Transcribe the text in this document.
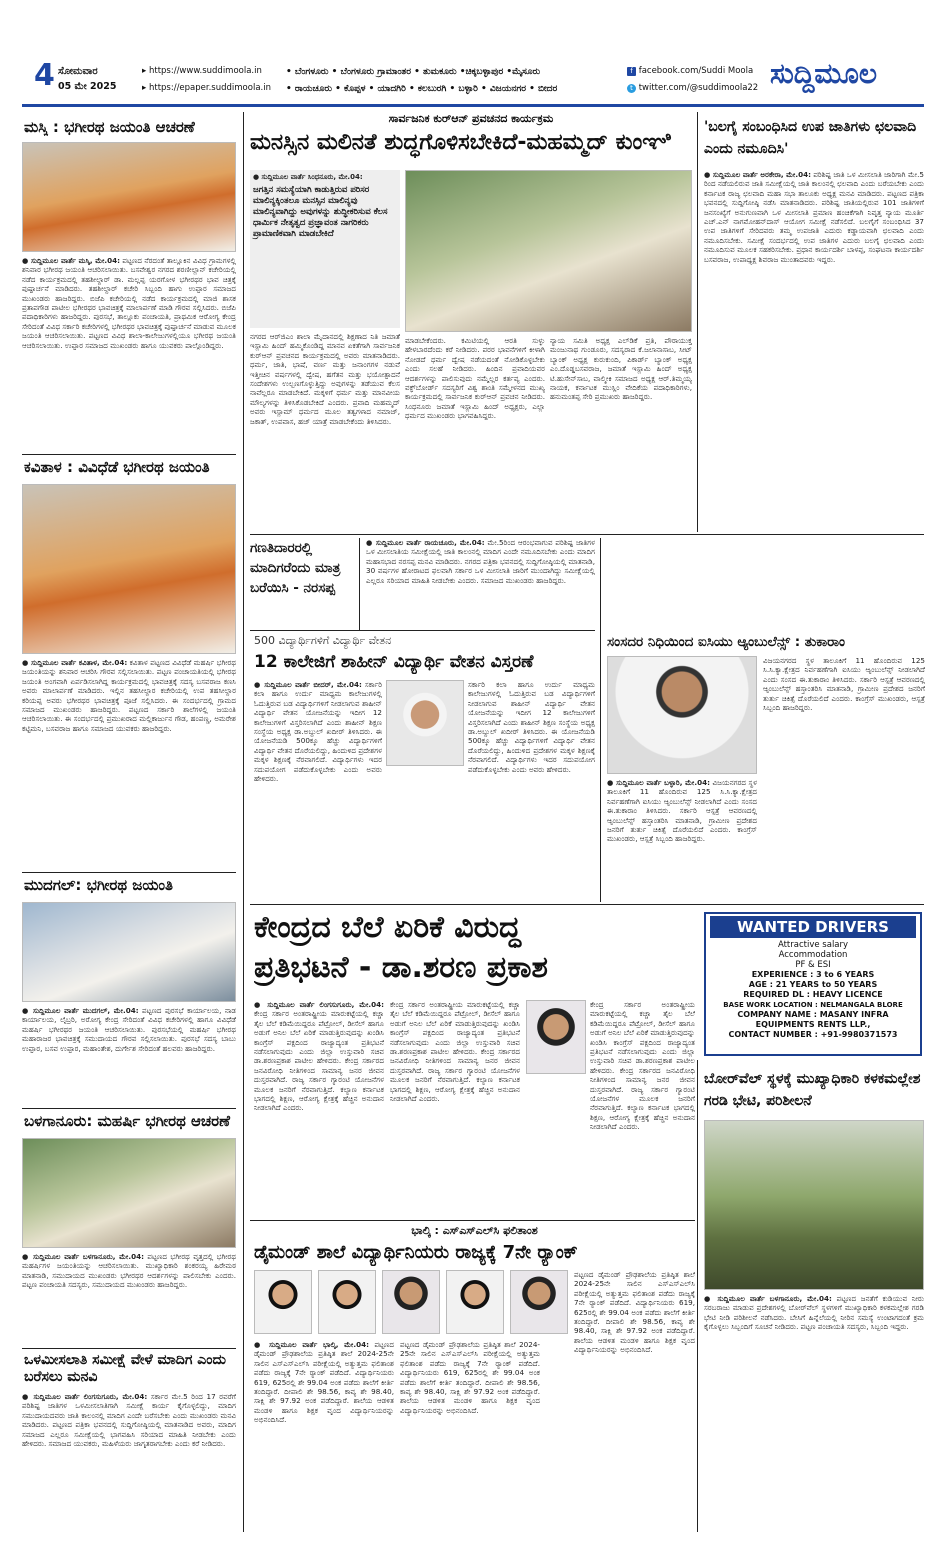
4 ಸೋಮವಾರ
05 ಮೇ 2025
▸ https://www.suddimoola.in
▸ https://epaper.suddimoola.in
• ಬೆಂಗಳೂರು • ಬೆಂಗಳೂರು ಗ್ರಾಮಾಂತರ • ತುಮಕೂರು •ಚಿಕ್ಕಬಳ್ಳಾಪುರ •ಮೈಸೂರು
• ರಾಯಚೂರು • ಕೊಪ್ಪಳ • ಯಾದಗಿರಿ • ಕಲಬುರಗಿ • ಬಳ್ಳಾರಿ • ವಿಜಯನಗರ • ಬೀದರ
f facebook.com/Suddi Moola
t twitter.com/@suddimoola22 ಸುದ್ದಿಮೂಲ
ಮಸ್ಕಿ : ಭಗೀರಥ ಜಯಂತಿ ಆಚರಣೆ
● ಸುದ್ದಿಮೂಲ ವಾರ್ತೆ ಮಸ್ಕಿ, ಮೇ.04: ಪಟ್ಟಣದ ನೆರದಂತೆ ತಾಲ್ಲೂಕಿನ ವಿವಿಧ ಗ್ರಾಮಗಳಲ್ಲಿ ಶನಿವಾರ ಭಗೀರಥ ಜಯಂತಿ ಆಚರಿಸಲಾಯಿತು. ಬಸವೇಶ್ವರ ನಗರದ ಶರಣೀಲ್ಲಾನ್ ಕಚೇರಿಯಲ್ಲಿ ನಡೆದ ಕಾರ್ಯಕ್ರಮದಲ್ಲಿ ತಹಶೀಲ್ದಾರ್ ಡಾ. ಮಲ್ಲಪ್ಪ ಯರಗೋಳ ಭಗೀರಥರ ಭಾವ ಚಿತ್ರಕ್ಕೆ ಪುಷ್ಪಾರ್ಚನೆ ಮಾಡಿದರು. ತಹಶೀಲ್ದಾರ್ ಕಚೇರಿ ಸಿಬ್ಬಂದಿ ಹಾಗು ಉಪ್ಪಾರ ಸಮಾಜದ ಮುಖಂಡರು ಹಾಜರಿದ್ದರು. ಬಿಜೆಪಿ ಕಚೇರಿಯಲ್ಲಿ ನಡೆದ ಕಾರ್ಯಕ್ರಮದಲ್ಲಿ ಮಾಜಿ ಶಾಸಕ ಪ್ರತಾಪಗೌಡ ಪಾಟೀಲ ಭಗೀರಥರ ಭಾವಚಿತ್ರಕ್ಕೆ ಮಾಲಾರ್ಪಣೆ ಮಾಡಿ ಗೌರವ ಸಲ್ಲಿಸಿದರು. ಬಿಜೆಪಿ ಪದಾಧಿಕಾರಿಗಳು ಹಾಜರಿದ್ದರು. ಪುರಸಭೆ, ತಾಲ್ಲೂಕು ಪಂಚಾಯತಿ, ಪ್ರಾಥಮಿಕ ಆರೋಗ್ಯ ಕೇಂದ್ರ ಸೇರಿದಂತೆ ವಿವಿಧ ಸರ್ಕಾರಿ ಕಚೇರಿಗಳಲ್ಲಿ ಭಗೀರಥರ ಭಾವಚಿತ್ರಕ್ಕೆ ಪುಷ್ಪಾರ್ಚನೆ ಮಾಡುವ ಮೂಲಕ ಜಯಂತಿ ಆಚರಿಸಲಾಯಿತು. ಪಟ್ಟಣದ ವಿವಿಧ ಶಾಲಾ-ಕಾಲೇಜುಗಳಲ್ಲಿಯೂ ಭಗೀರಥ ಜಯಂತಿ ಆಚರಿಸಲಾಯಿತು. ಉಪ್ಪಾರ ಸಮಾಜದ ಮುಖಂಡರು ಹಾಗೂ ಯುವಕರು ಪಾಲ್ಗೊಂಡಿದ್ದರು.
ಕವಿತಾಳ : ವಿವಿಧೆಡೆ ಭಗೀರಥ ಜಯಂತಿ
● ಸುದ್ದಿಮೂಲ ವಾರ್ತೆ ಕವಿತಾಳ, ಮೇ.04: ಕವಿತಾಳ ಪಟ್ಟಣದ ವಿವಿಧೆಡೆ ಮಹರ್ಷಿ ಭಗೀರಥ ಜಯಂತಿಯನ್ನು ಶನಿವಾರ ಆಚರಿಸಿ ಗೌರವ ಸಲ್ಲಿಸಲಾಯಿತು. ಪಟ್ಟಣ ಪಂಚಾಯತಿಯಲ್ಲಿ ಭಗೀರಥ ಜಯಂತಿ ಅಂಗವಾಗಿ ಏರ್ಪಡಿಸಲಾಗಿದ್ದ ಕಾರ್ಯಕ್ರಮದಲ್ಲಿ ಭಾವಚಿತ್ರಕ್ಕೆ ಸದಸ್ಯ ಬಸವರಾಜ ಕಣಸಿ ಅವರು ಮಾಲಾರ್ಪಣೆ ಮಾಡಿದರು. ಇಲ್ಲಿನ ತಹಸೀಲ್ದಾರ ಕಚೇರಿಯಲ್ಲಿ ಉಪ ತಹಸೀಲ್ದಾರ ಕರಿಯಪ್ಪ ಅವರು ಭಗೀರಥರ ಭಾವಚಿತ್ರಕ್ಕೆ ಪೂಜೆ ಸಲ್ಲಿಸಿದರು. ಈ ಸಂದರ್ಭದಲ್ಲಿ ಗ್ರಾಮದ ಸಮಾಜದ ಮುಖಂಡರು ಹಾಜರಿದ್ದರು. ಪಟ್ಟಣದ ಸರ್ಕಾರಿ ಶಾಲೆಗಳಲ್ಲಿ ಜಯಂತಿ ಆಚರಿಸಲಾಯಿತು. ಈ ಸಂದರ್ಭದಲ್ಲಿ ಪ್ರಮುಖರಾದ ಮಲ್ಲಿಕಾರ್ಜುನ ಗೌಡ, ಹಂಪಣ್ಣ, ಅಮರೇಶ ಕಟ್ಟಿಮನಿ, ಬಸವರಾಜ ಹಾಗೂ ಸಮಾಜದ ಯುವಕರು ಹಾಜರಿದ್ದರು.
ಮುದಗಲ್: ಭಗೀರಥ ಜಯಂತಿ
● ಸುದ್ದಿಮೂಲ ವಾರ್ತೆ ಮುದಗಲ್, ಮೇ.04: ಪಟ್ಟಣದ ಪುರಸಭೆ ಕಾರ್ಯಾಲಯ, ನಾಡ ಕಾರ್ಯಾಲಯ, ಲೈಬ್ರರಿ, ಅರೋಗ್ಯ ಕೇಂದ್ರ ಸೇರಿದಂತೆ ವಿವಿಧ ಕಚೇರಿಗಳಲ್ಲಿ ಹಾಗೂ ವಿವಿಧೆಡೆ ಮಹರ್ಷಿ ಭಗೀರಥರ ಜಯಂತಿ ಆಚರಿಸಲಾಯಿತು. ಪುರಸಭೆಯಲ್ಲಿ ಮಹರ್ಷಿ ಭಗೀರಥ ಮಹಾರಾಜರ ಭಾವಚಿತ್ರಕ್ಕೆ ಸಮುದಾಯದ ಗೌರವ ಸಲ್ಲಿಸಲಾಯಿತು. ಪುರಸಭೆ ಸದಸ್ಯ ಬಾಬು ಉಪ್ಪಾರ, ಬಸವ ಉಪ್ಪಾರ, ಮಹಾಂತೇಶ, ದುರ್ಗೇಶ ಸೇರಿದಂತೆ ಹಲವರು ಹಾಜರಿದ್ದರು.
ಬಳಗಾನೂರು: ಮಹರ್ಷಿ ಭಗೀರಥ ಆಚರಣೆ
● ಸುದ್ದಿಮೂಲ ವಾರ್ತೆ ಬಳಗಾನೂರು, ಮೇ.04: ಪಟ್ಟಣದ ಭಗೀರಥ ವೃತ್ತದಲ್ಲಿ ಭಗೀರಥ ಮಹರ್ಷಿಗಳ ಜಯಂತಿಯನ್ನು ಆಚರಿಸಲಾಯಿತು. ಮುಖ್ಯಾಧಿಕಾರಿ ಶಂಕರಯ್ಯ ಹಿರೇಮಠ ಮಾತನಾಡಿ, ಸಮುದಾಯದ ಮುಖಂಡರು ಭಗೀರಥರ ಆದರ್ಶಗಳನ್ನು ಪಾಲಿಸಬೇಕು ಎಂದರು. ಪಟ್ಟಣ ಪಂಚಾಯತಿ ಸದಸ್ಯರು, ಸಮುದಾಯದ ಮುಖಂಡರು ಹಾಜರಿದ್ದರು.
ಒಳಮೀಸಲಾತಿ ಸಮೀಕ್ಷೆ ವೇಳೆ ಮಾದಿಗ ಎಂದು ಬರೆಸಲು ಮನವಿ
● ಸುದ್ದಿಮೂಲ ವಾರ್ತೆ ಲಿಂಗಸುಗೂರು, ಮೇ.04: ಸರ್ಕಾರ ಮೇ.5 ರಿಂದ 17 ರವರೆಗೆ ಪರಿಶಿಷ್ಟ ಜಾತಿಗಳ ಒಳಮೀಸಲಾತಿಗಾಗಿ ಸಮೀಕ್ಷೆ ಕಾರ್ಯ ಕೈಗೊಳ್ಳಲಿದ್ದು, ಮಾದಿಗ ಸಮುದಾಯದವರು ಜಾತಿ ಕಾಲಂನಲ್ಲಿ ಮಾದಿಗ ಎಂದೇ ಬರೆಸಬೇಕು ಎಂದು ಮುಖಂಡರು ಮನವಿ ಮಾಡಿದರು. ಪಟ್ಟಣದ ಪತ್ರಿಕಾ ಭವನದಲ್ಲಿ ಸುದ್ದಿಗೋಷ್ಠಿಯಲ್ಲಿ ಮಾತನಾಡಿದ ಅವರು, ಮಾದಿಗ ಸಮಾಜದ ಎಲ್ಲರೂ ಸಮೀಕ್ಷೆಯಲ್ಲಿ ಭಾಗವಹಿಸಿ ಸರಿಯಾದ ಮಾಹಿತಿ ನೀಡಬೇಕು ಎಂದು ಹೇಳಿದರು. ಸಮಾಜದ ಯುವಕರು, ಮಹಿಳೆಯರು ಜಾಗೃತರಾಗಬೇಕು ಎಂದು ಕರೆ ನೀಡಿದರು.
ಸಾರ್ವಜನಿಕ ಕುರ್‌ಆನ್ ಪ್ರವಚನದ ಕಾರ್ಯಕ್ರಮ
ಮನಸ್ಸಿನ ಮಲಿನತೆ ಶುದ್ಧಗೊಳಿಸಬೇಕಿದೆ-ಮಹಮ್ಮದ್ ಕುಂಞಿ
● ಸುದ್ದಿಮೂಲ ವಾರ್ತೆ ಸಿಂಧನೂರು, ಮೇ.04:
ಜಗತ್ತಿನ ಸಮಸ್ಯೆಯಾಗಿ ಕಾಡುತ್ತಿರುವ ಪರಿಸರ ಮಾಲಿನ್ಯಕ್ಕಿಂತಲೂ ಮನಸ್ಸಿನ ಮಾಲಿನ್ಯವು ಮಾಲಿನ್ಯವಾಗಿದ್ದು ಅವುಗಳನ್ನು ಶುದ್ಧೀಕರಿಸುವ ಕೆಲಸ ಧಾರ್ಮಿಕ ನೇತೃತ್ವದ ಪ್ರಜ್ಞಾವಂತ ನಾಗರಿಕರು ಪ್ರಾಮಾಣಿಕವಾಗಿ ಮಾಡಬೇಕಿದೆ
ನಗರದ ಆರ್‌ಜಿಎಂ ಶಾಲಾ ಮೈದಾನದಲ್ಲಿ ಶಿಕ್ಷಣಾದ ನಿತಿ ಜಮಾತೆ ಇಸ್ಲಾಮಿ ಹಿಂದ್ ಹಮ್ಮಿಕೊಂಡಿದ್ದ ಮಾನವ ಏಕತೆಗಾಗಿ ಸಾರ್ವಜನಿಕ ಕುರ್‌ಆನ್ ಪ್ರವಚನದ ಕಾರ್ಯಕ್ರಮದಲ್ಲಿ ಅವರು ಮಾತನಾಡಿದರು. ಧರ್ಮ, ಜಾತಿ, ಭಾಷೆ, ವರ್ಣ ಮತ್ತು ಜನಾಂಗಗಳ ನಡುವೆ ಇತ್ತೀಚಿನ ವರ್ಷಗಳಲ್ಲಿ ದ್ವೇಷ, ಹಗೆತನ ಮತ್ತು ಭಯೋತ್ಪಾದನೆ ಸಂದೇಶಗಳು ಉಲ್ಬಣಗೊಳ್ಳುತ್ತಿದ್ದು ಅವುಗಳನ್ನು ತಡೆಯುವ ಕೆಲಸ ನಾವೆಲ್ಲರೂ ಮಾಡಬೇಕಿದೆ. ಮಕ್ಕಳಿಗೆ ಧರ್ಮ ಮತ್ತು ಮಾನವೀಯ ಮೌಲ್ಯಗಳನ್ನು ತಿಳಿಸಿಕೊಡಬೇಕಿದೆ ಎಂದರು. ಪ್ರವಾದಿ ಮಹಮ್ಮದ್ ಅವರು ಇಸ್ಲಾಮ್ ಧರ್ಮದ ಮೂಲ ತತ್ವಗಳಾದ ನಮಾಜ್, ಜಕಾತ್, ಉಪವಾಸ, ಹಜ್ ಯಾತ್ರೆ ಮಾಡಬೇಕೆಂದು ತಿಳಿಸಿದರು.
ಮಾಡಬೇಕೆಂದರು. ಕಮಿಟಿಯಲ್ಲಿ ಆರತಿ ಸುಳ್ಳು ಹೇಳಬಾರದೆಂದು ಕರೆ ನೀಡಿದರು. ಪರರ ಭಾವನೆಗಳಿಗೆ ಕೀಳಾಗಿ ನೋಡದೆ ಧರ್ಮ ದ್ವೇಷ ನಡೆಯದಂತೆ ನೋಡಿಕೊಳ್ಳಬೇಕು ಎಂದು ಸಲಹೆ ನೀಡಿದರು. ಹಿಂದಿನ ಪ್ರವಾದಿಯವರ ಆದರ್ಶಗಳನ್ನು ಪಾಲಿಸುವುದು ನಮ್ಮೆಲ್ಲರ ಕರ್ತವ್ಯ ಎಂದರು. ವಕ್ಫ್‌ಬೋರ್ಡ್ ಸದಸ್ಯರಿಗೆ ವಿಶ್ವ ಶಾಂತಿ ಸಮ್ಮೇಳನದ ಮುಖ್ಯ ಕಾರ್ಯಕ್ರಮದಲ್ಲಿ ಸಾರ್ವಜನಿಕ ಕುರ್‌ಆನ್ ಪ್ರವಚನ ನೀಡಿದರು. ಸಿಂಧನೂರು ಜಮಾತೆ ಇಸ್ಲಾಮಿ ಹಿಂದ್ ಅಧ್ಯಕ್ಷರು, ಎಲ್ಲಾ ಧರ್ಮದ ಮುಖಂಡರು ಭಾಗವಹಿಸಿದ್ದರು.
ನ್ಯಾಯ ಸಮಿತಿ ಅಧ್ಯಕ್ಷ ಎಲ್‌ಡಿಕೆ ಪ್ರತಿ, ಪೌರಾಯುಕ್ತ ಮಂಜುನಾಥ ಗುಂಡೂರು, ಸದಸ್ಯರಾದ ಕೆ.ಜಲಾನಾಸಾಬ, ಸೀಟ್ ಬ್ಯಾಂಕ್ ಅಧ್ಯಕ್ಷ ಕುರುಕುಂದಿ, ಪಿಕಾರ್ಡ್ ಬ್ಯಾಂಕ್ ಅಧ್ಯಕ್ಷ ಎಂ.ದೊಡ್ಡಬಸವರಾಜ, ಜಮಾತೆ ಇಸ್ಲಾಮಿ ಹಿಂದ್ ಅಧ್ಯಕ್ಷ ಟಿ.ಹುಸೇನ್‌ಸಾಬ, ವಾಲ್ಮೀಕಿ ಸಮಾಜದ ಅಧ್ಯಕ್ಷ ಆರ್.ತಿಮ್ಮಯ್ಯ ನಾಯಕ, ಕರ್ನಾಟಕ ಮುಸ್ಲಿಂ ವೇದಿಕೆಯ ಪದಾಧಿಕಾರಿಗಳು, ಹನುಮಂತಪ್ಪ ಸೇರಿ ಪ್ರಮುಖರು ಹಾಜರಿದ್ದರು.
'ಬಲಗೈ ಸಂಬಂಧಿಸಿದ ಉಪ ಜಾತಿಗಳು ಛಲವಾದಿ ಎಂದು ನಮೂದಿಸಿ'
● ಸುದ್ದಿಮೂಲ ವಾರ್ತೆ ಅರಕೇರಾ, ಮೇ.04: ಪರಿಶಿಷ್ಟ ಜಾತಿ ಒಳ ಮೀಸಲಾತಿ ಜಾರಿಗಾಗಿ ಮೇ.5 ರಿಂದ ನಡೆಯಲಿರುವ ಜಾತಿ ಸಮೀಕ್ಷೆಯಲ್ಲಿ ಜಾತಿ ಕಾಲಂನಲ್ಲಿ ಛಲವಾದಿ ಎಂದು ಬರೆಯಬೇಕು ಎಂದು ಕರ್ನಾಟಕ ರಾಜ್ಯ ಛಲವಾದಿ ಮಹಾ ಸಭಾ ತಾಲೂಕು ಅಧ್ಯಕ್ಷ ಮನವಿ ಮಾಡಿದರು. ಪಟ್ಟಣದ ಪತ್ರಿಕಾ ಭವನದಲ್ಲಿ ಸುದ್ದಿಗೋಷ್ಠಿ ನಡೆಸಿ ಮಾತನಾಡಿದರು. ಪರಿಶಿಷ್ಟ ಜಾತಿಯಲ್ಲಿರುವ 101 ಜಾತಿಗಳಿಗೆ ಜನಸಂಖ್ಯೆಗೆ ಅನುಗುಣವಾಗಿ ಒಳ ಮೀಸಲಾತಿ ಪ್ರಮಾಣ ಹಂಚಿಕೆಗಾಗಿ ನಿವೃತ್ತ ನ್ಯಾಯ ಮೂರ್ತಿ ಎಚ್.ಎನ್ ನಾಗಮೋಹನ್‌ದಾಸ್ ಆಯೋಗ ಸಮೀಕ್ಷೆ ನಡೆಸಲಿದೆ. ಬಲಗೈಗೆ ಸಂಬಂಧಿಸಿದ 37 ಉಪ ಜಾತಿಗಳಿಗೆ ಸೇರಿದವರು ತಮ್ಮ ಉಪಜಾತಿ ಎದುರು ಕಡ್ಡಾಯವಾಗಿ ಛಲವಾದಿ ಎಂದು ನಮೂದಿಸಬೇಕು. ಸಮೀಕ್ಷೆ ಸಂದರ್ಭದಲ್ಲಿ ಉಪ ಜಾತಿಗಳ ಎದುರು ಬಲಗೈ ಛಲವಾದಿ ಎಂದು ನಮೂದಿಸುವ ಮೂಲಕ ಸಹಕರಿಸಬೇಕು. ಪ್ರಧಾನ ಕಾರ್ಯದರ್ಶಿ ಬಾಳಪ್ಪ, ಸಂಘಟನಾ ಕಾರ್ಯದರ್ಶಿ ಬಸವರಾಜ, ಉಪಾಧ್ಯಕ್ಷ ಶಿವರಾಜ ಮುಂತಾದವರು ಇದ್ದರು.
ಗಣತಿದಾರರಲ್ಲಿ ಮಾದಿಗರೆಂದು ಮಾತ್ರ ಬರೆಯಿಸಿ - ನರಸಪ್ಪ
● ಸುದ್ದಿಮೂಲ ವಾರ್ತೆ ರಾಯಚೂರು, ಮೇ.04: ಮೇ.5ರಿಂದ ಆರಂಭವಾಗುವ ಪರಿಶಿಷ್ಟ ಜಾತಿಗಳ ಒಳ ಮೀಸಲಾತಿಯ ಸಮೀಕ್ಷೆಯಲ್ಲಿ ಜಾತಿ ಕಾಲಂನಲ್ಲಿ ಮಾದಿಗ ಎಂದೇ ನಮೂದಿಸಬೇಕು ಎಂದು ಮಾದಿಗ ಮಹಾಸಭಾದ ನರಸಪ್ಪ ಮನವಿ ಮಾಡಿದರು. ನಗರದ ಪತ್ರಿಕಾ ಭವನದಲ್ಲಿ ಸುದ್ದಿಗೋಷ್ಠಿಯಲ್ಲಿ ಮಾತನಾಡಿ, 30 ವರ್ಷಗಳ ಹೋರಾಟದ ಫಲವಾಗಿ ಸರ್ಕಾರ ಒಳ ಮೀಸಲಾತಿ ಜಾರಿಗೆ ಮುಂದಾಗಿದ್ದು ಸಮೀಕ್ಷೆಯಲ್ಲಿ ಎಲ್ಲರೂ ಸರಿಯಾದ ಮಾಹಿತಿ ನೀಡಬೇಕು ಎಂದರು. ಸಮಾಜದ ಮುಖಂಡರು ಹಾಜರಿದ್ದರು.
500 ವಿದ್ಯಾರ್ಥಿಗಳಿಗೆ ವಿದ್ಯಾರ್ಥಿ ವೇತನ
12 ಕಾಲೇಜಿಗೆ ಶಾಹೀನ್ ವಿದ್ಯಾರ್ಥಿ ವೇತನ ವಿಸ್ತರಣೆ
● ಸುದ್ದಿಮೂಲ ವಾರ್ತೆ ಬೀದರ್, ಮೇ.04: ಸರ್ಕಾರಿ ಕಲಾ ಹಾಗೂ ಉರ್ದು ಮಾಧ್ಯಮ ಕಾಲೇಜುಗಳಲ್ಲಿ ಓದುತ್ತಿರುವ ಬಡ ವಿದ್ಯಾರ್ಥಿಗಳಿಗೆ ನೀಡಲಾಗುವ ಶಾಹೀನ್ ವಿದ್ಯಾರ್ಥಿ ವೇತನ ಯೋಜನೆಯನ್ನು ಇದೀಗ 12 ಕಾಲೇಜುಗಳಿಗೆ ವಿಸ್ತರಿಸಲಾಗಿದೆ ಎಂದು ಶಾಹೀನ್ ಶಿಕ್ಷಣ ಸಂಸ್ಥೆಯ ಅಧ್ಯಕ್ಷ ಡಾ.ಅಬ್ದುಲ್ ಖದೀರ್ ತಿಳಿಸಿದರು. ಈ ಯೋಜನೆಯಡಿ 500ಕ್ಕೂ ಹೆಚ್ಚು ವಿದ್ಯಾರ್ಥಿಗಳಿಗೆ ವಿದ್ಯಾರ್ಥಿ ವೇತನ ದೊರೆಯಲಿದ್ದು, ಹಿಂದುಳಿದ ಪ್ರದೇಶಗಳ ಮಕ್ಕಳ ಶಿಕ್ಷಣಕ್ಕೆ ನೆರವಾಗಲಿದೆ. ವಿದ್ಯಾರ್ಥಿಗಳು ಇದರ ಸದುಪಯೋಗ ಪಡೆದುಕೊಳ್ಳಬೇಕು ಎಂದು ಅವರು ಹೇಳಿದರು.
ಸರ್ಕಾರಿ ಕಲಾ ಹಾಗೂ ಉರ್ದು ಮಾಧ್ಯಮ ಕಾಲೇಜುಗಳಲ್ಲಿ ಓದುತ್ತಿರುವ ಬಡ ವಿದ್ಯಾರ್ಥಿಗಳಿಗೆ ನೀಡಲಾಗುವ ಶಾಹೀನ್ ವಿದ್ಯಾರ್ಥಿ ವೇತನ ಯೋಜನೆಯನ್ನು ಇದೀಗ 12 ಕಾಲೇಜುಗಳಿಗೆ ವಿಸ್ತರಿಸಲಾಗಿದೆ ಎಂದು ಶಾಹೀನ್ ಶಿಕ್ಷಣ ಸಂಸ್ಥೆಯ ಅಧ್ಯಕ್ಷ ಡಾ.ಅಬ್ದುಲ್ ಖದೀರ್ ತಿಳಿಸಿದರು. ಈ ಯೋಜನೆಯಡಿ 500ಕ್ಕೂ ಹೆಚ್ಚು ವಿದ್ಯಾರ್ಥಿಗಳಿಗೆ ವಿದ್ಯಾರ್ಥಿ ವೇತನ ದೊರೆಯಲಿದ್ದು, ಹಿಂದುಳಿದ ಪ್ರದೇಶಗಳ ಮಕ್ಕಳ ಶಿಕ್ಷಣಕ್ಕೆ ನೆರವಾಗಲಿದೆ. ವಿದ್ಯಾರ್ಥಿಗಳು ಇದರ ಸದುಪಯೋಗ ಪಡೆದುಕೊಳ್ಳಬೇಕು ಎಂದು ಅವರು ಹೇಳಿದರು.
ಸಂಸದರ ನಿಧಿಯಿಂದ ಐಸಿಯು ಆ್ಯಂಬುಲೆನ್ಸ್ : ತುಕಾರಾಂ
● ಸುದ್ದಿಮೂಲ ವಾರ್ತೆ ಬಳ್ಳಾರಿ, ಮೇ.04: ವಿಜಯನಗರದ ಸ್ಥಳ ತಾಲೂಕಿಗೆ 11 ಹೊಂದಿರುವ 125 ಸಿ.ಸಿ.ಕ್ಯಾ.ಕ್ಷೇತ್ರದ ನಿರ್ವಹಣೆಗಾಗಿ ಐಸಿಯು ಆ್ಯಂಬುಲೆನ್ಸ್ ನೀಡಲಾಗಿದೆ ಎಂದು ಸಂಸದ ಈ.ತುಕಾರಾಂ ತಿಳಿಸಿದರು. ಸರ್ಕಾರಿ ಆಸ್ಪತ್ರೆ ಆವರಣದಲ್ಲಿ ಆ್ಯಂಬುಲೆನ್ಸ್ ಹಸ್ತಾಂತರಿಸಿ ಮಾತನಾಡಿ, ಗ್ರಾಮೀಣ ಪ್ರದೇಶದ ಜನರಿಗೆ ತುರ್ತು ಚಿಕಿತ್ಸೆ ದೊರೆಯಲಿದೆ ಎಂದರು. ಕಾಂಗ್ರೆಸ್ ಮುಖಂಡರು, ಆಸ್ಪತ್ರೆ ಸಿಬ್ಬಂದಿ ಹಾಜರಿದ್ದರು.
ವಿಜಯನಗರದ ಸ್ಥಳ ತಾಲೂಕಿಗೆ 11 ಹೊಂದಿರುವ 125 ಸಿ.ಸಿ.ಕ್ಯಾ.ಕ್ಷೇತ್ರದ ನಿರ್ವಹಣೆಗಾಗಿ ಐಸಿಯು ಆ್ಯಂಬುಲೆನ್ಸ್ ನೀಡಲಾಗಿದೆ ಎಂದು ಸಂಸದ ಈ.ತುಕಾರಾಂ ತಿಳಿಸಿದರು. ಸರ್ಕಾರಿ ಆಸ್ಪತ್ರೆ ಆವರಣದಲ್ಲಿ ಆ್ಯಂಬುಲೆನ್ಸ್ ಹಸ್ತಾಂತರಿಸಿ ಮಾತನಾಡಿ, ಗ್ರಾಮೀಣ ಪ್ರದೇಶದ ಜನರಿಗೆ ತುರ್ತು ಚಿಕಿತ್ಸೆ ದೊರೆಯಲಿದೆ ಎಂದರು. ಕಾಂಗ್ರೆಸ್ ಮುಖಂಡರು, ಆಸ್ಪತ್ರೆ ಸಿಬ್ಬಂದಿ ಹಾಜರಿದ್ದರು.
ಕೇಂದ್ರದ ಬೆಲೆ ಏರಿಕೆ ವಿರುದ್ಧ
ಪ್ರತಿಭಟನೆ - ಡಾ.ಶರಣ ಪ್ರಕಾಶ
● ಸುದ್ದಿಮೂಲ ವಾರ್ತೆ ಲಿಂಗಸುಗೂರು, ಮೇ.04: ಕೇಂದ್ರ ಸರ್ಕಾರ ಅಂತರಾಷ್ಟ್ರೀಯ ಮಾರುಕಟ್ಟೆಯಲ್ಲಿ ಕಚ್ಚಾ ತೈಲ ಬೆಲೆ ಕಡಿಮೆಯಿದ್ದರೂ ಪೆಟ್ರೋಲ್, ಡೀಸೆಲ್ ಹಾಗೂ ಅಡುಗೆ ಅನಿಲ ಬೆಲೆ ಏರಿಕೆ ಮಾಡುತ್ತಿರುವುದನ್ನು ಖಂಡಿಸಿ ಕಾಂಗ್ರೆಸ್ ಪಕ್ಷದಿಂದ ರಾಜ್ಯಾದ್ಯಂತ ಪ್ರತಿಭಟನೆ ನಡೆಸಲಾಗುವುದು ಎಂದು ಜಿಲ್ಲಾ ಉಸ್ತುವಾರಿ ಸಚಿವ ಡಾ.ಶರಣಪ್ರಕಾಶ ಪಾಟೀಲ ಹೇಳಿದರು. ಕೇಂದ್ರ ಸರ್ಕಾರದ ಜನವಿರೋಧಿ ನೀತಿಗಳಿಂದ ಸಾಮಾನ್ಯ ಜನರ ಜೀವನ ದುಸ್ತರವಾಗಿದೆ. ರಾಜ್ಯ ಸರ್ಕಾರ ಗ್ಯಾರಂಟಿ ಯೋಜನೆಗಳ ಮೂಲಕ ಜನರಿಗೆ ನೆರವಾಗುತ್ತಿದೆ. ಕಲ್ಯಾಣ ಕರ್ನಾಟಕ ಭಾಗದಲ್ಲಿ ಶಿಕ್ಷಣ, ಆರೋಗ್ಯ ಕ್ಷೇತ್ರಕ್ಕೆ ಹೆಚ್ಚಿನ ಅನುದಾನ ನೀಡಲಾಗಿದೆ ಎಂದರು.
ಕೇಂದ್ರ ಸರ್ಕಾರ ಅಂತರಾಷ್ಟ್ರೀಯ ಮಾರುಕಟ್ಟೆಯಲ್ಲಿ ಕಚ್ಚಾ ತೈಲ ಬೆಲೆ ಕಡಿಮೆಯಿದ್ದರೂ ಪೆಟ್ರೋಲ್, ಡೀಸೆಲ್ ಹಾಗೂ ಅಡುಗೆ ಅನಿಲ ಬೆಲೆ ಏರಿಕೆ ಮಾಡುತ್ತಿರುವುದನ್ನು ಖಂಡಿಸಿ ಕಾಂಗ್ರೆಸ್ ಪಕ್ಷದಿಂದ ರಾಜ್ಯಾದ್ಯಂತ ಪ್ರತಿಭಟನೆ ನಡೆಸಲಾಗುವುದು ಎಂದು ಜಿಲ್ಲಾ ಉಸ್ತುವಾರಿ ಸಚಿವ ಡಾ.ಶರಣಪ್ರಕಾಶ ಪಾಟೀಲ ಹೇಳಿದರು. ಕೇಂದ್ರ ಸರ್ಕಾರದ ಜನವಿರೋಧಿ ನೀತಿಗಳಿಂದ ಸಾಮಾನ್ಯ ಜನರ ಜೀವನ ದುಸ್ತರವಾಗಿದೆ. ರಾಜ್ಯ ಸರ್ಕಾರ ಗ್ಯಾರಂಟಿ ಯೋಜನೆಗಳ ಮೂಲಕ ಜನರಿಗೆ ನೆರವಾಗುತ್ತಿದೆ. ಕಲ್ಯಾಣ ಕರ್ನಾಟಕ ಭಾಗದಲ್ಲಿ ಶಿಕ್ಷಣ, ಆರೋಗ್ಯ ಕ್ಷೇತ್ರಕ್ಕೆ ಹೆಚ್ಚಿನ ಅನುದಾನ ನೀಡಲಾಗಿದೆ ಎಂದರು.
ಕೇಂದ್ರ ಸರ್ಕಾರ ಅಂತರಾಷ್ಟ್ರೀಯ ಮಾರುಕಟ್ಟೆಯಲ್ಲಿ ಕಚ್ಚಾ ತೈಲ ಬೆಲೆ ಕಡಿಮೆಯಿದ್ದರೂ ಪೆಟ್ರೋಲ್, ಡೀಸೆಲ್ ಹಾಗೂ ಅಡುಗೆ ಅನಿಲ ಬೆಲೆ ಏರಿಕೆ ಮಾಡುತ್ತಿರುವುದನ್ನು ಖಂಡಿಸಿ ಕಾಂಗ್ರೆಸ್ ಪಕ್ಷದಿಂದ ರಾಜ್ಯಾದ್ಯಂತ ಪ್ರತಿಭಟನೆ ನಡೆಸಲಾಗುವುದು ಎಂದು ಜಿಲ್ಲಾ ಉಸ್ತುವಾರಿ ಸಚಿವ ಡಾ.ಶರಣಪ್ರಕಾಶ ಪಾಟೀಲ ಹೇಳಿದರು. ಕೇಂದ್ರ ಸರ್ಕಾರದ ಜನವಿರೋಧಿ ನೀತಿಗಳಿಂದ ಸಾಮಾನ್ಯ ಜನರ ಜೀವನ ದುಸ್ತರವಾಗಿದೆ. ರಾಜ್ಯ ಸರ್ಕಾರ ಗ್ಯಾರಂಟಿ ಯೋಜನೆಗಳ ಮೂಲಕ ಜನರಿಗೆ ನೆರವಾಗುತ್ತಿದೆ. ಕಲ್ಯಾಣ ಕರ್ನಾಟಕ ಭಾಗದಲ್ಲಿ ಶಿಕ್ಷಣ, ಆರೋಗ್ಯ ಕ್ಷೇತ್ರಕ್ಕೆ ಹೆಚ್ಚಿನ ಅನುದಾನ ನೀಡಲಾಗಿದೆ ಎಂದರು.
WANTED DRIVERS
Attractive salary
Accommodation
PF & ESI
EXPERIENCE : 3 to 6 YEARS
AGE : 21 YEARS to 50 YEARS
REQUIRED DL : HEAVY LICENCE
BASE WORK LOCATION : NELMANGALA BLORE
COMPANY NAME : MASANY INFRA
EQUIPMENTS RENTS LLP.,
CONTACT NUMBER : +91-9980371573
ಭಾಲ್ಕಿ : ಎಸ್‌ಎಸ್‌ಎಲ್‌ಸಿ ಫಲಿತಾಂಶ
ಡೈಮಂಡ್ ಶಾಲೆ ವಿದ್ಯಾರ್ಥಿನಿಯರು ರಾಜ್ಯಕ್ಕೆ 7ನೇ ರ್‍ಯಾಂಕ್
● ಸುದ್ದಿಮೂಲ ವಾರ್ತೆ ಭಾಲ್ಕಿ, ಮೇ.04: ಪಟ್ಟಣದ ಡೈಮಂಡ್ ಪ್ರೌಢಶಾಲೆಯ ಪ್ರತಿಷ್ಠಿತ ಶಾಲೆ 2024-25ನೇ ಸಾಲಿನ ಎಸ್‌ಎಸ್‌ಎಲ್‌ಸಿ ಪರೀಕ್ಷೆಯಲ್ಲಿ ಅತ್ಯುತ್ತಮ ಫಲಿತಾಂಶ ಪಡೆದು ರಾಜ್ಯಕ್ಕೆ 7ನೇ ರ್‍ಯಾಂಕ್ ಪಡೆದಿದೆ. ವಿದ್ಯಾರ್ಥಿನಿಯರು 619, 625ರಲ್ಲಿ ಶೇ 99.04 ಅಂಕ ಪಡೆದು ಶಾಲೆಗೆ ಕೀರ್ತಿ ತಂದಿದ್ದಾರೆ. ದೀಪಾಲಿ ಶೇ 98.56, ಕಾವ್ಯ ಶೇ 98.40, ಸಾಕ್ಷಿ ಶೇ 97.92 ಅಂಕ ಪಡೆದಿದ್ದಾರೆ. ಶಾಲೆಯ ಆಡಳಿತ ಮಂಡಳಿ ಹಾಗೂ ಶಿಕ್ಷಕ ವೃಂದ ವಿದ್ಯಾರ್ಥಿನಿಯರನ್ನು ಅಭಿನಂದಿಸಿದೆ.
ಪಟ್ಟಣದ ಡೈಮಂಡ್ ಪ್ರೌಢಶಾಲೆಯ ಪ್ರತಿಷ್ಠಿತ ಶಾಲೆ 2024-25ನೇ ಸಾಲಿನ ಎಸ್‌ಎಸ್‌ಎಲ್‌ಸಿ ಪರೀಕ್ಷೆಯಲ್ಲಿ ಅತ್ಯುತ್ತಮ ಫಲಿತಾಂಶ ಪಡೆದು ರಾಜ್ಯಕ್ಕೆ 7ನೇ ರ್‍ಯಾಂಕ್ ಪಡೆದಿದೆ. ವಿದ್ಯಾರ್ಥಿನಿಯರು 619, 625ರಲ್ಲಿ ಶೇ 99.04 ಅಂಕ ಪಡೆದು ಶಾಲೆಗೆ ಕೀರ್ತಿ ತಂದಿದ್ದಾರೆ. ದೀಪಾಲಿ ಶೇ 98.56, ಕಾವ್ಯ ಶೇ 98.40, ಸಾಕ್ಷಿ ಶೇ 97.92 ಅಂಕ ಪಡೆದಿದ್ದಾರೆ. ಶಾಲೆಯ ಆಡಳಿತ ಮಂಡಳಿ ಹಾಗೂ ಶಿಕ್ಷಕ ವೃಂದ ವಿದ್ಯಾರ್ಥಿನಿಯರನ್ನು ಅಭಿನಂದಿಸಿದೆ.
ಪಟ್ಟಣದ ಡೈಮಂಡ್ ಪ್ರೌಢಶಾಲೆಯ ಪ್ರತಿಷ್ಠಿತ ಶಾಲೆ 2024-25ನೇ ಸಾಲಿನ ಎಸ್‌ಎಸ್‌ಎಲ್‌ಸಿ ಪರೀಕ್ಷೆಯಲ್ಲಿ ಅತ್ಯುತ್ತಮ ಫಲಿತಾಂಶ ಪಡೆದು ರಾಜ್ಯಕ್ಕೆ 7ನೇ ರ್‍ಯಾಂಕ್ ಪಡೆದಿದೆ. ವಿದ್ಯಾರ್ಥಿನಿಯರು 619, 625ರಲ್ಲಿ ಶೇ 99.04 ಅಂಕ ಪಡೆದು ಶಾಲೆಗೆ ಕೀರ್ತಿ ತಂದಿದ್ದಾರೆ. ದೀಪಾಲಿ ಶೇ 98.56, ಕಾವ್ಯ ಶೇ 98.40, ಸಾಕ್ಷಿ ಶೇ 97.92 ಅಂಕ ಪಡೆದಿದ್ದಾರೆ. ಶಾಲೆಯ ಆಡಳಿತ ಮಂಡಳಿ ಹಾಗೂ ಶಿಕ್ಷಕ ವೃಂದ ವಿದ್ಯಾರ್ಥಿನಿಯರನ್ನು ಅಭಿನಂದಿಸಿದೆ.
ಬೋರ್‌ವೆಲ್ ಸ್ಥಳಕ್ಕೆ ಮುಖ್ಯಾಧಿಕಾರಿ ಕಳಕಮಲ್ಲೇಶ ಗರಡಿ ಭೇಟಿ, ಪರಿಶೀಲನೆ
● ಸುದ್ದಿಮೂಲ ವಾರ್ತೆ ಬಳಗಾನೂರು, ಮೇ.04: ಪಟ್ಟಣದ ಜನತೆಗೆ ಕುಡಿಯುವ ನೀರು ಸರಬರಾಜು ಮಾಡುವ ಪ್ರದೇಶಗಳಲ್ಲಿ ಬೋರ್‌ವೆಲ್ ಸ್ಥಳಗಳಿಗೆ ಮುಖ್ಯಾಧಿಕಾರಿ ಕಳಕಮಲ್ಲೇಶ ಗರಡಿ ಭೇಟಿ ನೀಡಿ ಪರಿಶೀಲನೆ ನಡೆಸಿದರು. ಬೇಸಿಗೆ ಹಿನ್ನೆಲೆಯಲ್ಲಿ ನೀರಿನ ಸಮಸ್ಯೆ ಉಂಟಾಗದಂತೆ ಕ್ರಮ ಕೈಗೊಳ್ಳಲು ಸಿಬ್ಬಂದಿಗೆ ಸೂಚನೆ ನೀಡಿದರು. ಪಟ್ಟಣ ಪಂಚಾಯತಿ ಸದಸ್ಯರು, ಸಿಬ್ಬಂದಿ ಇದ್ದರು.
